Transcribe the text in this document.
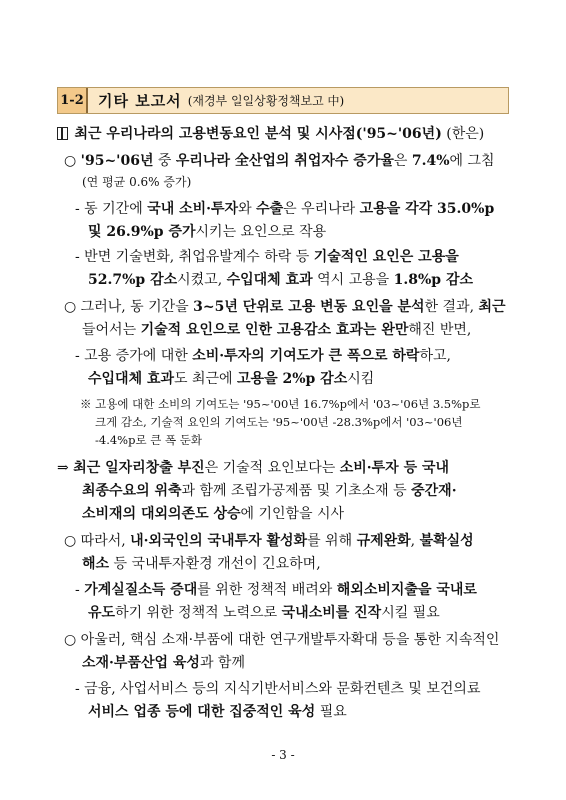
1-2 기타 보고서 (재경부 일일상황정책보고 中)
최근 우리나라의 고용변동요인 분석 및 시사점('95~'06년) (한은)
○ '95~'06년 중 우리나라 全산업의 취업자수 증가율은 7.4%에 그침
(연 평균 0.6% 증가)
- 동 기간에 국내 소비·투자와 수출은 우리나라 고용을 각각 35.0%p
및 26.9%p 증가시키는 요인으로 작용
- 반면 기술변화, 취업유발계수 하락 등 기술적인 요인은 고용을
52.7%p 감소시켰고, 수입대체 효과 역시 고용을 1.8%p 감소
○ 그러나, 동 기간을 3~5년 단위로 고용 변동 요인을 분석한 결과, 최근
들어서는 기술적 요인으로 인한 고용감소 효과는 완만해진 반면,
- 고용 증가에 대한 소비·투자의 기여도가 큰 폭으로 하락하고,
수입대체 효과도 최근에 고용을 2%p 감소시킴
※ 고용에 대한 소비의 기여도는 '95~'00년 16.7%p에서 '03~'06년 3.5%p로
크게 감소, 기술적 요인의 기여도는 '95~'00년 -28.3%p에서 '03~'06년
-4.4%p로 큰 폭 둔화
⇒ 최근 일자리창출 부진은 기술적 요인보다는 소비·투자 등 국내
최종수요의 위축과 함께 조립가공제품 및 기초소재 등 중간재·
소비재의 대외의존도 상승에 기인함을 시사
○ 따라서, 내·외국인의 국내투자 활성화를 위해 규제완화, 불확실성
해소 등 국내투자환경 개선이 긴요하며,
- 가계실질소득 증대를 위한 정책적 배려와 해외소비지출을 국내로
유도하기 위한 정책적 노력으로 국내소비를 진작시킬 필요
○ 아울러, 핵심 소재·부품에 대한 연구개발투자확대 등을 통한 지속적인
소재·부품산업 육성과 함께
- 금융, 사업서비스 등의 지식기반서비스와 문화컨텐츠 및 보건의료
서비스 업종 등에 대한 집중적인 육성 필요
- 3 -
